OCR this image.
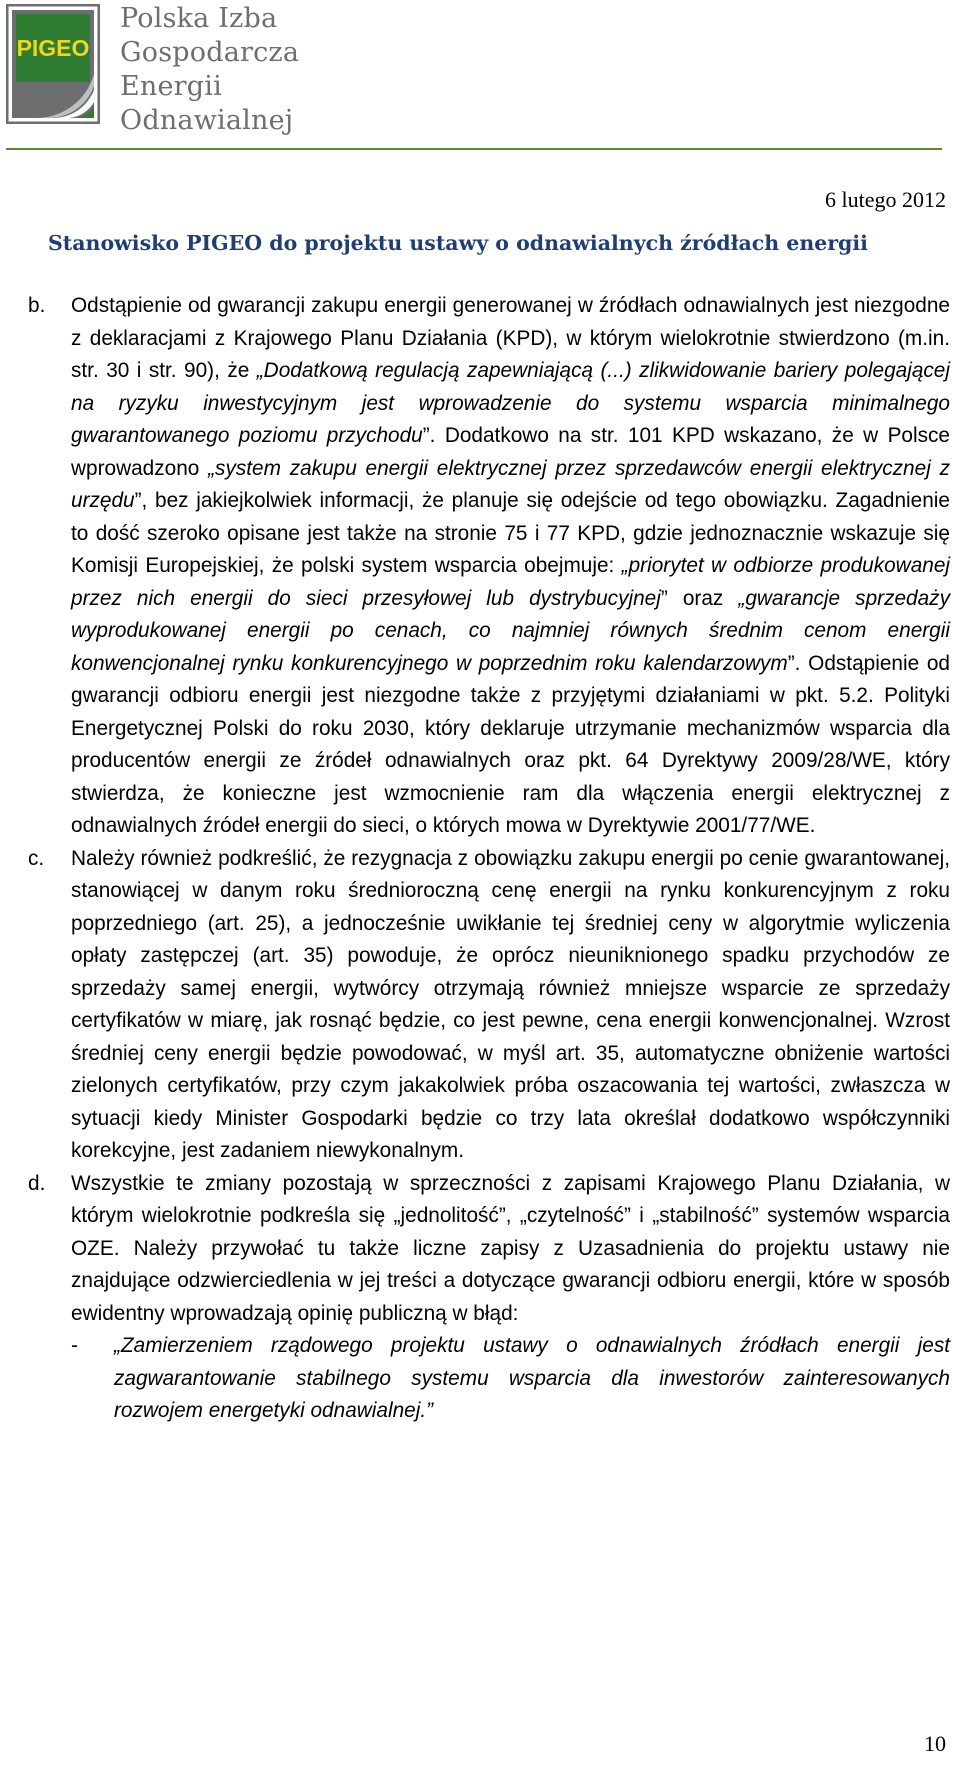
PIGEO
Polska Izba
Gospodarcza
Energii
Odnawialnej
6 lutego 2012
Stanowisko PIGEO do projektu ustawy o odnawialnych źródłach energii
b. Odstąpienie od gwarancji zakupu energii generowanej w źródłach odnawialnych jest niezgodne z deklaracjami z Krajowego Planu Działania (KPD), w którym wielokrotnie stwierdzono (m.in. str. 30 i str. 90), że „Dodatkową regulacją zapewniającą (...) zlikwidowanie bariery polegającej na ryzyku inwestycyjnym jest wprowadzenie do systemu wsparcia minimalnego gwarantowanego poziomu przychodu”. Dodatkowo na str. 101 KPD wskazano, że w Polsce wprowadzono „system zakupu energii elektrycznej przez sprzedawców energii elektrycznej z urzędu”, bez jakiejkolwiek informacji, że planuje się odejście od tego obowiązku. Zagadnienie to dość szeroko opisane jest także na stronie 75 i 77 KPD, gdzie jednoznacznie wskazuje się Komisji Europejskiej, że polski system wsparcia obejmuje: „priorytet w odbiorze produkowanej przez nich energii do sieci przesyłowej lub dystrybucyjnej” oraz „gwarancje sprzedaży wyprodukowanej energii po cenach, co najmniej równych średnim cenom energii konwencjonalnej rynku konkurencyjnego w poprzednim roku kalendarzowym”. Odstąpienie od gwarancji odbioru energii jest niezgodne także z przyjętymi działaniami w pkt. 5.2. Polityki Energetycznej Polski do roku 2030, który deklaruje utrzymanie mechanizmów wsparcia dla producentów energii ze źródeł odnawialnych oraz pkt. 64 Dyrektywy 2009/28/WE, który stwierdza, że konieczne jest wzmocnienie ram dla włączenia energii elektrycznej z odnawialnych źródeł energii do sieci, o których mowa w Dyrektywie 2001/77/WE.

c. Należy również podkreślić, że rezygnacja z obowiązku zakupu energii po cenie gwarantowanej, stanowiącej w danym roku średnioroczną cenę energii na rynku konkurencyjnym z roku poprzedniego (art. 25), a jednocześnie uwikłanie tej średniej ceny w algorytmie wyliczenia opłaty zastępczej (art. 35) powoduje, że oprócz nieuniknionego spadku przychodów ze sprzedaży samej energii, wytwórcy otrzymają również mniejsze wsparcie ze sprzedaży certyfikatów w miarę, jak rosnąć będzie, co jest pewne, cena energii konwencjonalnej. Wzrost średniej ceny energii będzie powodować, w myśl art. 35, automatyczne obniżenie wartości zielonych certyfikatów, przy czym jakakolwiek próba oszacowania tej wartości, zwłaszcza w sytuacji kiedy Minister Gospodarki będzie co trzy lata określał dodatkowo współczynniki korekcyjne, jest zadaniem niewykonalnym.

d. Wszystkie te zmiany pozostają w sprzeczności z zapisami Krajowego Planu Działania, w którym wielokrotnie podkreśla się „jednolitość”, „czytelność” i „stabilność” systemów wsparcia OZE. Należy przywołać tu także liczne zapisy z Uzasadnienia do projektu ustawy nie znajdujące odzwierciedlenia w jej treści a dotyczące gwarancji odbioru energii, które w sposób ewidentny wprowadzają opinię publiczną w błąd:

- „Zamierzeniem rządowego projektu ustawy o odnawialnych źródłach energii jest zagwarantowanie stabilnego systemu wsparcia dla inwestorów zainteresowanych rozwojem energetyki odnawialnej.”

10
